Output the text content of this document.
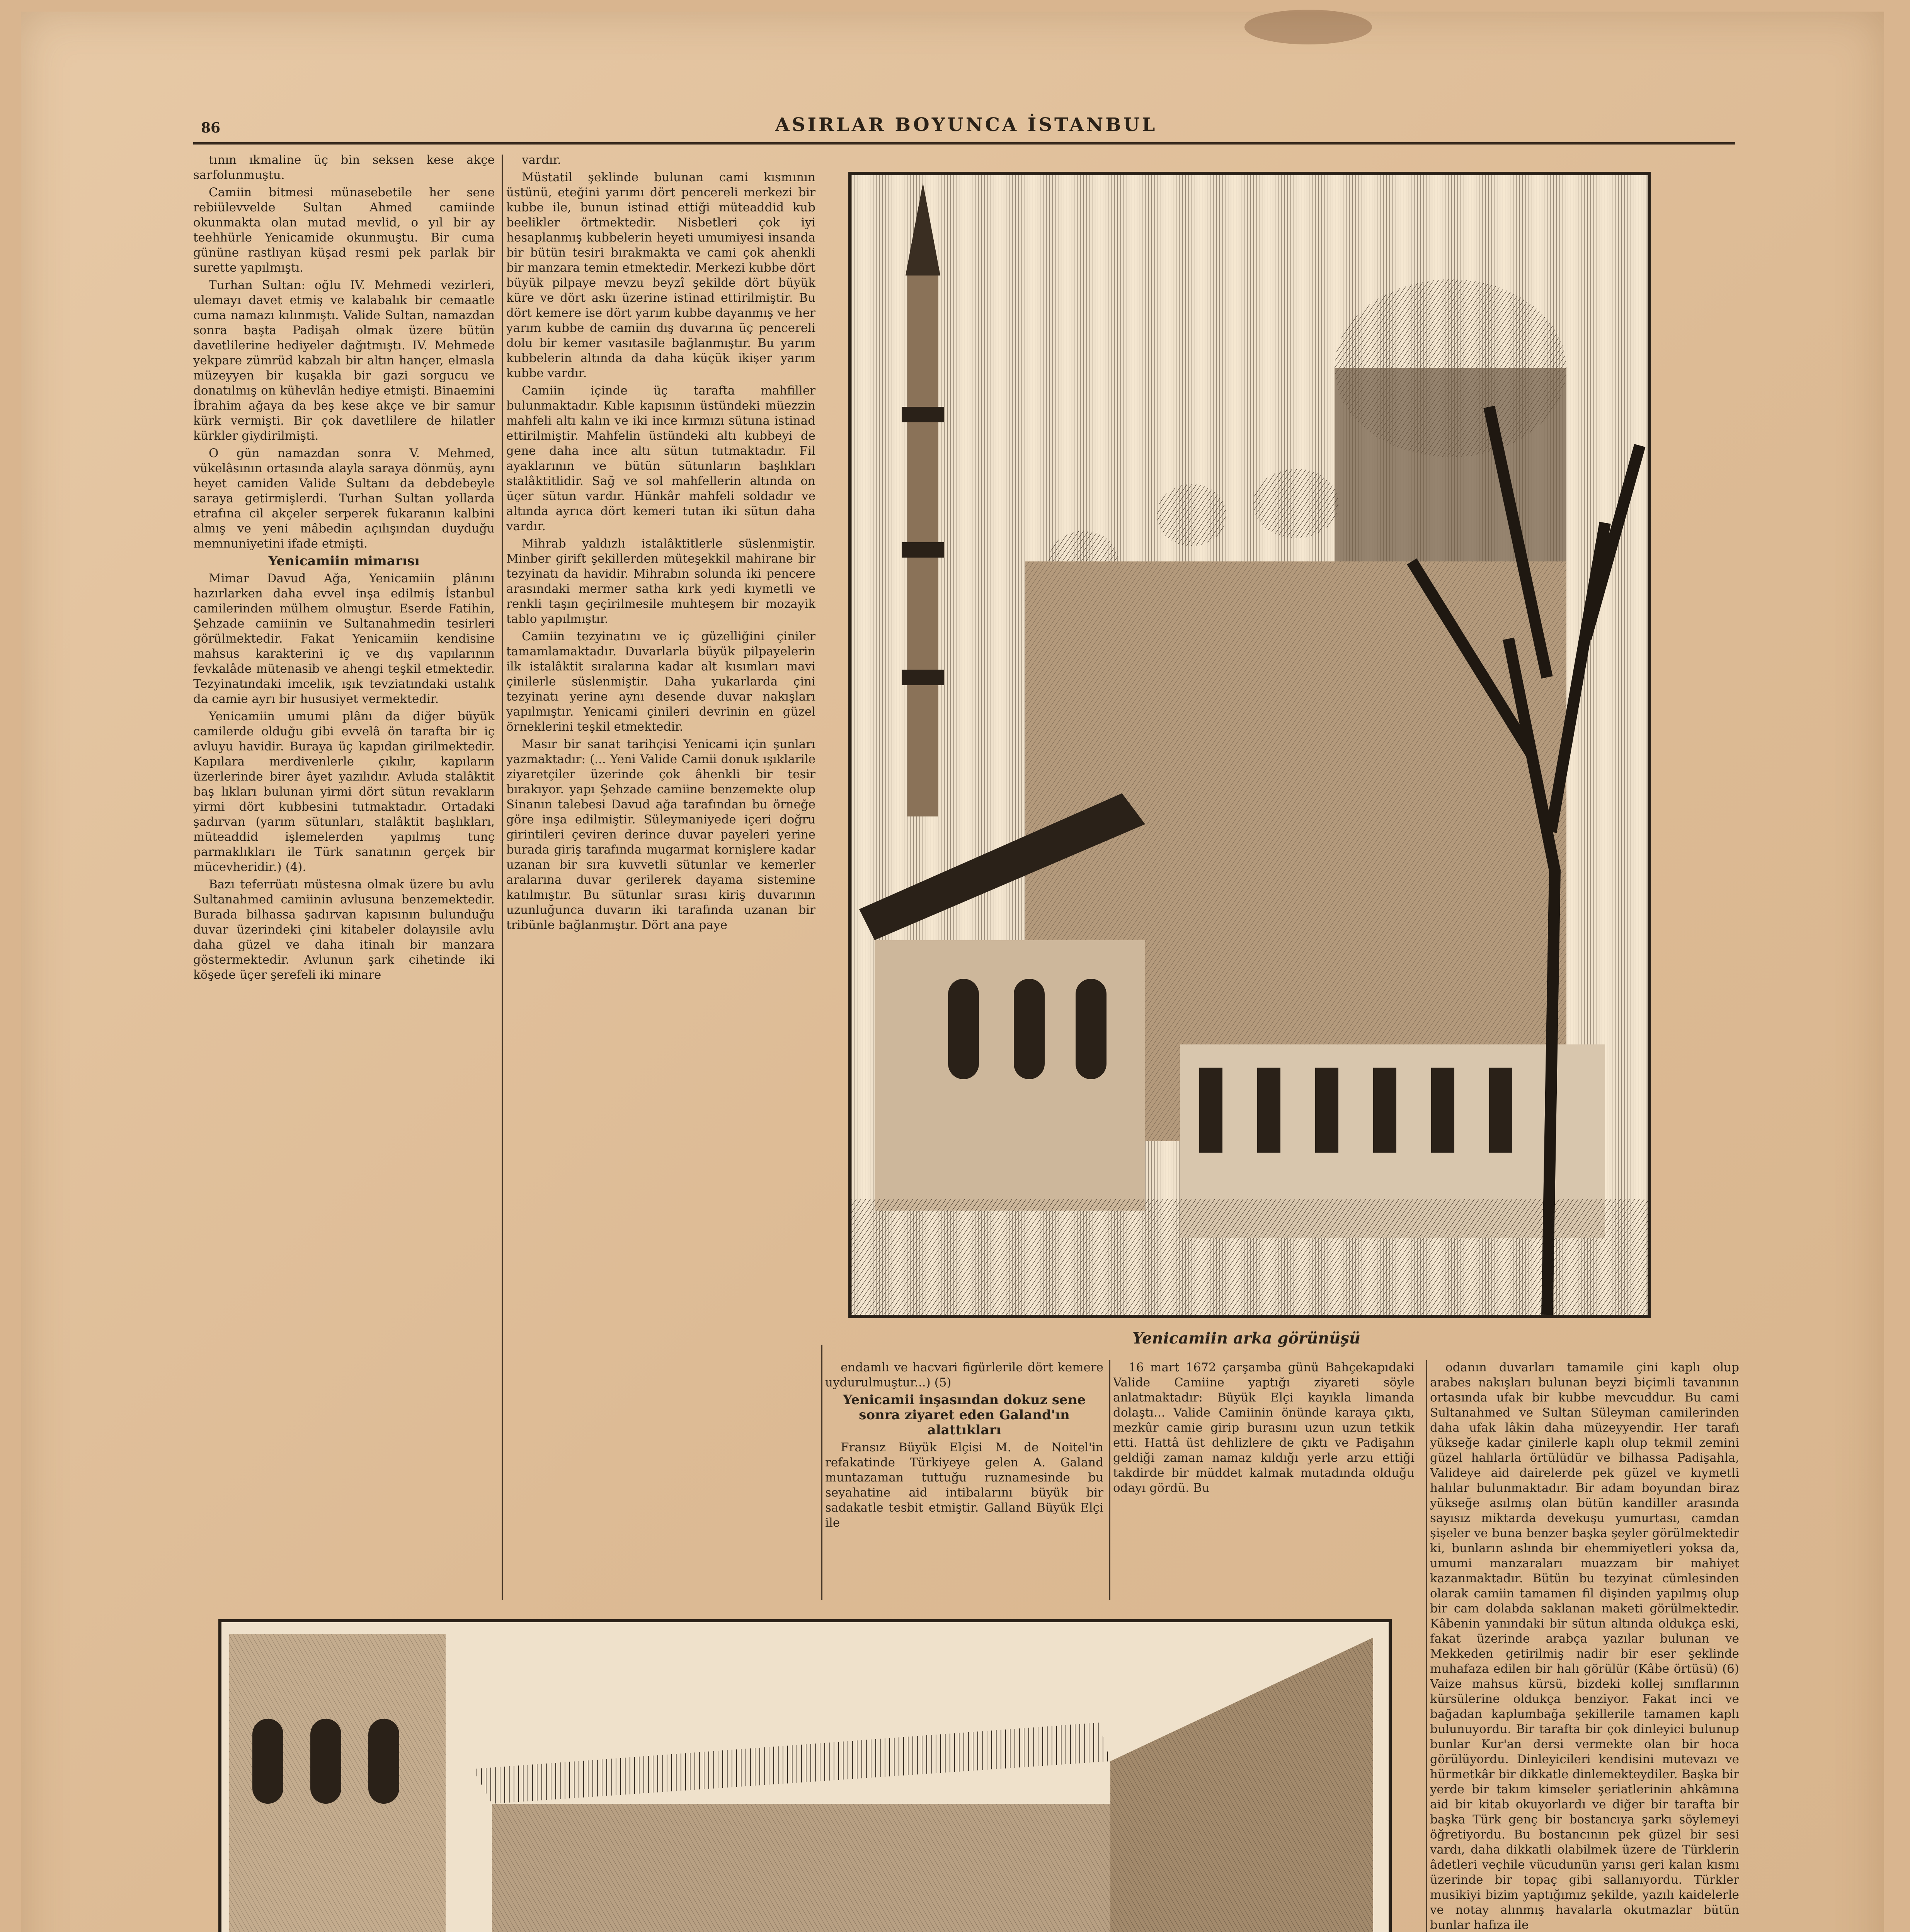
86	ASIRLAR BOYUNCA İSTANBUL

tının ıkmaline üç bin seksen kese akçe sarfolunmuştu.

Camiin bitmesi münasebetile her sene rebiülevvelde Sultan Ahmed camiinde okunmakta olan mutad mevlid, o yıl bir ay teehhürle Yenicamide okunmuştu. Bir cuma gününe rastlıyan küşad resmi pek parlak bir surette yapılmıştı.

Turhan Sultan: oğlu IV. Mehmedi vezirleri, ulemayı davet etmiş ve kalabalık bir cemaatle cuma namazı kılınmıştı. Valide Sultan, namazdan sonra başta Padişah olmak üzere bütün davetlilerine hediyeler dağıtmıştı. IV. Mehmede yekpare zümrüd kabzalı bir altın hançer, elmasla müzeyyen bir kuşakla bir gazi sorgucu ve donatılmış on kühevlân hediye etmişti. Binaemini İbrahim ağaya da beş kese akçe ve bir samur kürk vermişti. Bir çok davetlilere de hilatler kürkler giydirilmişti.

O gün namazdan sonra V. Mehmed, vükelâsının ortasında alayla saraya dönmüş, aynı heyet camiden Valide Sultanı da debdebeyle saraya getirmişlerdi. Turhan Sultan yollarda etrafına cil akçeler serperek fukaranın kalbini almış ve yeni mâbedin açılışından duyduğu memnuniyetini ifade etmişti.

Yenicamiin mimarısı

Mimar Davud Ağa, Yenicamiin plânını hazırlarken daha evvel inşa edilmiş İstanbul camilerinden mülhem olmuştur. Eserde Fatihin, Şehzade camiinin ve Sultanahmedin tesirleri görülmektedir. Fakat Yenicamiin kendisine mahsus karakterini iç ve dış vapılarının fevkalâde mütenasib ve ahengi teşkil etmektedir. Tezyinatındaki imcelik, ışık tevziatındaki ustalık da camie ayrı bir hususiyet vermektedir.

Yenicamiin umumi plânı da diğer büyük camilerde olduğu gibi evvelâ ön tarafta bir iç avluyu havidir. Buraya üç kapıdan girilmektedir. Kapılara merdivenlerle çıkılır, kapıların üzerlerinde birer âyet yazılıdır. Avluda stalâktit baş lıkları bulunan yirmi dört sütun revakların yirmi dört kubbesini tutmaktadır. Ortadaki şadırvan (yarım sütunları, stalâktit başlıkları, müteaddid işlemelerden yapılmış tunç parmaklıkları ile Türk sanatının gerçek bir mücevheridir.) (4).

Bazı teferrüatı müstesna olmak üzere bu avlu Sultanahmed camiinin avlusuna benzemektedir. Burada bilhassa şadırvan kapısının bulunduğu duvar üzerindeki çini kitabeler dolayısile avlu daha güzel ve daha itinalı bir manzara göstermektedir. Avlunun şark cihetinde iki köşede üçer şerefeli iki minare

Yenicamiin arka görünüşü

vardır.

Müstatil şeklinde bulunan cami kısmının üstünü, eteğini yarımı dört pencereli merkezi bir kubbe ile, bunun istinad ettiği müteaddid kub beelikler örtmektedir. Nisbetleri çok iyi hesaplanmış kubbelerin heyeti umumiyesi insanda bir bütün tesiri bırakmakta ve cami çok ahenkli bir manzara temin etmektedir. Merkezi kubbe dört büyük pilpaye mevzu beyzî şekilde dört büyük küre ve dört askı üzerine istinad ettirilmiştir. Bu dört kemere ise dört yarım kubbe dayanmış ve her yarım kubbe de camiin dış duvarına üç pencereli dolu bir kemer vasıtasile bağlanmıştır. Bu yarım kubbelerin altında da daha küçük ikişer yarım kubbe vardır.

Camiin içinde üç tarafta mahfiller bulunmaktadır. Kıble kapısının üstündeki müezzin mahfeli altı kalın ve iki ince kırmızı sütuna istinad ettirilmiştir. Mahfelin üstündeki altı kubbeyi de gene daha ince altı sütun tutmaktadır. Fil ayaklarının ve bütün sütunların başlıkları stalâktitlidir. Sağ ve sol mahfellerin altında on üçer sütun vardır. Hünkâr mahfeli soldadır ve altında ayrıca dört kemeri tutan iki sütun daha vardır.

Mihrab yaldızlı istalâktitlerle süslenmiştir. Minber girift şekillerden müteşekkil mahirane bir tezyinatı da havidir. Mihrabın solunda iki pencere arasındaki mermer satha kırk yedi kıymetli ve renkli taşın geçirilmesile muhteşem bir mozayik tablo yapılmıştır.

Camiin tezyinatını ve iç güzelliğini çiniler tamamlamaktadır. Duvarlarla büyük pilpayelerin ilk istalâktit sıralarına kadar alt kısımları mavi çinilerle süslenmiştir. Daha yukarlarda çini tezyinatı yerine aynı desende duvar nakışları yapılmıştır. Yenicami çinileri devrinin en güzel örneklerini teşkil etmektedir.

Masır bir sanat tarihçisi Yenicami için şunları yazmaktadır: (... Yeni Valide Camii donuk ışıklarile ziyaretçiler üzerinde çok âhenkli bir tesir bırakıyor. yapı Şehzade camiine benzemekte olup Sinanın talebesi Davud ağa tarafından bu örneğe göre inşa edilmiştir. Süleymaniyede içeri doğru girintileri çeviren derince duvar payeleri yerine burada giriş tarafında mugarmat kornişlere kadar uzanan bir sıra kuvvetli sütunlar ve kemerler aralarına duvar gerilerek dayama sistemine katılmıştır. Bu sütunlar sırası kiriş duvarının uzunluğunca duvarın iki tarafında uzanan bir tribünle bağlanmıştır. Dört ana paye

endamlı ve hacvari figürlerile dört kemere uydurulmuştur...) (5)

Yenicamii inşasından dokuz sene sonra ziyaret eden Galand'ın alattıkları

Fransız Büyük Elçisi M. de Noitel'in refakatinde Türkiyeye gelen A. Galand muntazaman tuttuğu ruznamesinde bu seyahatine aid intibalarını büyük bir sadakatle tesbit etmiştir. Galland Büyük Elçi ile

16 mart 1672 çarşamba günü Bahçekapıdaki Valide Camiine yaptığı ziyareti söyle anlatmaktadır: Büyük Elçi kayıkla limanda dolaştı... Valide Camiinin önünde karaya çıktı, mezkûr camie girip burasını uzun uzun tetkik etti. Hattâ üst dehlizlere de çıktı ve Padişahın geldiği zaman namaz kıldığı yerle arzu ettiği takdirde bir müddet kalmak mutadında olduğu odayı gördü. Bu

odanın duvarları tamamile çini kaplı olup arabes nakışları bulunan beyzi biçimli tavanının ortasında ufak bir kubbe mevcuddur. Bu cami Sultanahmed ve Sultan Süleyman camilerinden daha ufak lâkin daha müzeyyendir. Her tarafı yükseğe kadar çinilerle kaplı olup tekmil zemini güzel halılarla örtülüdür ve bilhassa Padişahla, Valideye aid dairelerde pek güzel ve kıymetli halılar bulunmaktadır. Bir adam boyundan biraz yükseğe asılmış olan bütün kandiller arasında sayısız miktarda devekuşu yumurtası, camdan şişeler ve buna benzer başka şeyler görülmektedir ki, bunların aslında bir ehemmiyetleri yoksa da, umumi manzaraları muazzam bir mahiyet kazanmaktadır. Bütün bu tezyinat cümlesinden olarak camiin tamamen fil dişinden yapılmış olup bir cam dolabda saklanan maketi görülmektedir. Kâbenin yanındaki bir sütun altında oldukça eski, fakat üzerinde arabça yazılar bulunan ve Mekkeden getirilmiş nadir bir eser şeklinde muhafaza edilen bir halı görülür (Kâbe örtüsü) (6) Vaize mahsus kürsü, bizdeki kollej sınıflarının kürsülerine oldukça benziyor. Fakat inci ve bağadan kaplumbağa şekillerile tamamen kaplı bulunuyordu. Bir tarafta bir çok dinleyici bulunup bunlar Kur'an dersi vermekte olan bir hoca görülüyordu. Dinleyicileri kendisini mutevazı ve hürmetkâr bir dikkatle dinlemekteydiler. Başka bir yerde bir takım kimseler şeriatlerinin ahkâmına aid bir kitab okuyorlardı ve diğer bir tarafta bir başka Türk genç bir bostancıya şarkı söylemeyi öğretiyordu. Bu bostancının pek güzel bir sesi vardı, daha dikkatli olabilmek üzere de Türklerin âdetleri veçhile vücudunün yarısı geri kalan kısmı üzerinde bir topaç gibi sallanıyordu. Türkler musikiyi bizim yaptığımız şekilde, yazılı kaidelerle ve notay alınmış havalarla okutmazlar bütün bunlar hafıza ile
